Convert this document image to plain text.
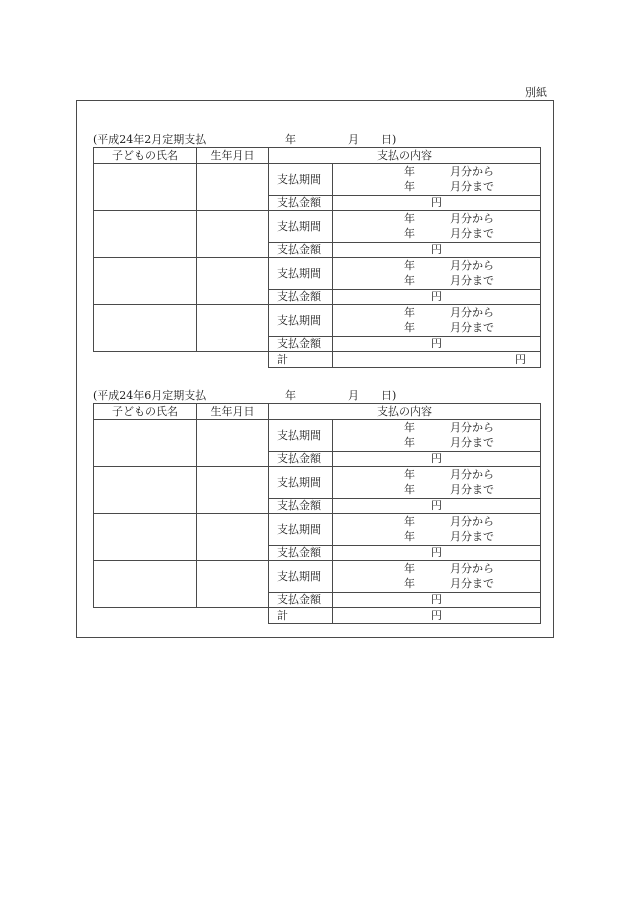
別紙
(平成24年2月定期支払	年	月 日)
子どもの氏名	生年月日	支払の内容	
		支払期間	年 月分から
年 月分まで

		支払金額	円
		支払期間	年 月分から
年 月分まで

		支払金額	円
		支払期間	年 月分から
年 月分まで

		支払金額	円
		支払期間	年 月分から
年 月分まで

		支払金額	円
		計	円
(平成24年6月定期支払	年	月 日)
子どもの氏名	生年月日	支払の内容	
		支払期間	年 月分から
年 月分まで

		支払金額	円
		支払期間	年 月分から
年 月分まで

		支払金額	円
		支払期間	年 月分から
年 月分まで

		支払金額	円
		支払期間	年 月分から
年 月分まで

		支払金額	円
		計	円
